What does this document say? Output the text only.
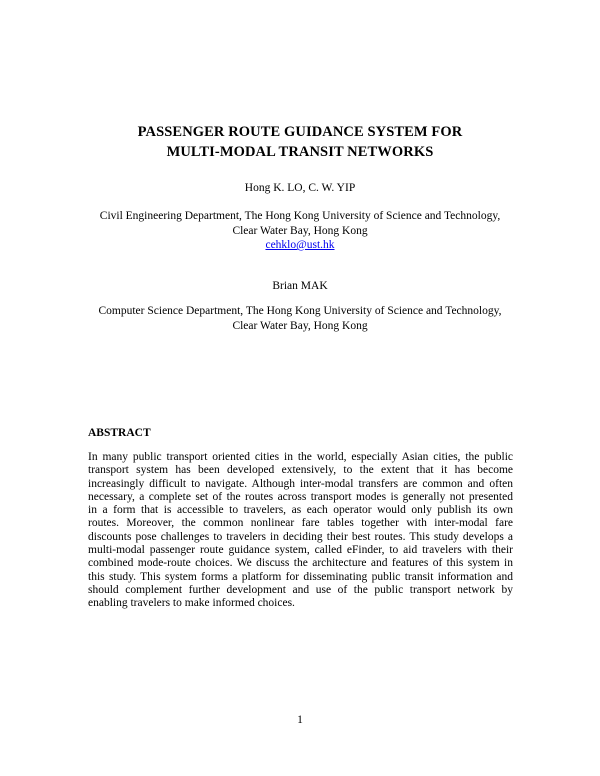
PASSENGER ROUTE GUIDANCE SYSTEM FOR
MULTI-MODAL TRANSIT NETWORKS
Hong K. LO, C. W. YIP
Civil Engineering Department, The Hong Kong University of Science and Technology,
Clear Water Bay, Hong Kong
cehklo@ust.hk
Brian MAK
Computer Science Department, The Hong Kong University of Science and Technology,
Clear Water Bay, Hong Kong
ABSTRACT
In many public transport oriented cities in the world, especially Asian cities, the public
transport system has been developed extensively, to the extent that it has become
increasingly difficult to navigate. Although inter-modal transfers are common and often
necessary, a complete set of the routes across transport modes is generally not presented
in a form that is accessible to travelers, as each operator would only publish its own
routes. Moreover, the common nonlinear fare tables together with inter-modal fare
discounts pose challenges to travelers in deciding their best routes. This study develops a
multi-modal passenger route guidance system, called eFinder, to aid travelers with their
combined mode-route choices. We discuss the architecture and features of this system in
this study. This system forms a platform for disseminating public transit information and
should complement further development and use of the public transport network by
enabling travelers to make informed choices.
1
